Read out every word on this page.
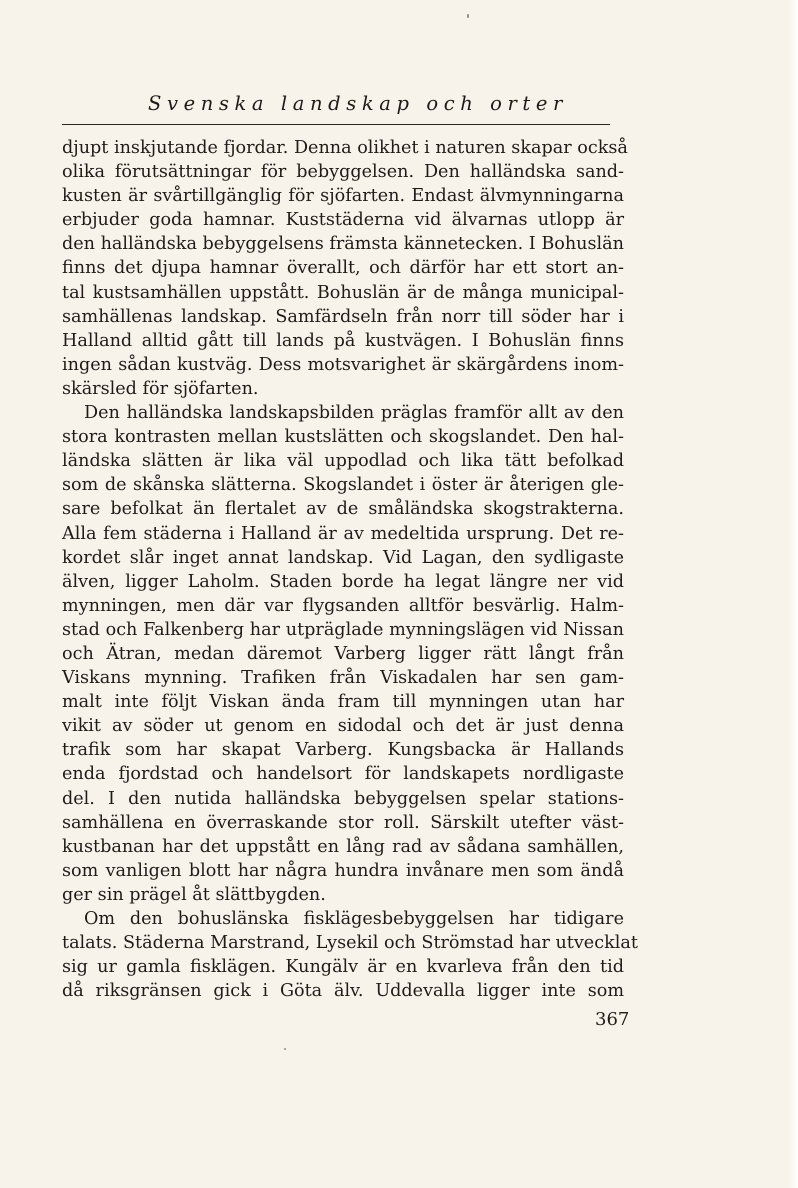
Svenska landskap och orter
djupt inskjutande fjordar. Denna olikhet i naturen skapar också
olika förutsättningar för bebyggelsen. Den halländska sand-
kusten är svårtillgänglig för sjöfarten. Endast älvmynningarna
erbjuder goda hamnar. Kuststäderna vid älvarnas utlopp är
den halländska bebyggelsens främsta kännetecken. I Bohuslän
finns det djupa hamnar överallt, och därför har ett stort an-
tal kustsamhällen uppstått. Bohuslän är de många municipal-
samhällenas landskap. Samfärdseln från norr till söder har i
Halland alltid gått till lands på kustvägen. I Bohuslän finns
ingen sådan kustväg. Dess motsvarighet är skärgårdens inom-
skärsled för sjöfarten.
Den halländska landskapsbilden präglas framför allt av den
stora kontrasten mellan kustslätten och skogslandet. Den hal-
ländska slätten är lika väl uppodlad och lika tätt befolkad
som de skånska slätterna. Skogslandet i öster är återigen gle-
sare befolkat än flertalet av de småländska skogstrakterna.
Alla fem städerna i Halland är av medeltida ursprung. Det re-
kordet slår inget annat landskap. Vid Lagan, den sydligaste
älven, ligger Laholm. Staden borde ha legat längre ner vid
mynningen, men där var flygsanden alltför besvärlig. Halm-
stad och Falkenberg har utpräglade mynningslägen vid Nissan
och Ätran, medan däremot Varberg ligger rätt långt från
Viskans mynning. Trafiken från Viskadalen har sen gam-
malt inte följt Viskan ända fram till mynningen utan har
vikit av söder ut genom en sidodal och det är just denna
trafik som har skapat Varberg. Kungsbacka är Hallands
enda fjordstad och handelsort för landskapets nordligaste
del. I den nutida halländska bebyggelsen spelar stations-
samhällena en överraskande stor roll. Särskilt utefter väst-
kustbanan har det uppstått en lång rad av sådana samhällen,
som vanligen blott har några hundra invånare men som ändå
ger sin prägel åt slättbygden.
Om den bohuslänska fisklägesbebyggelsen har tidigare
talats. Städerna Marstrand, Lysekil och Strömstad har utvecklat
sig ur gamla fisklägen. Kungälv är en kvarleva från den tid
då riksgränsen gick i Göta älv. Uddevalla ligger inte som
367
